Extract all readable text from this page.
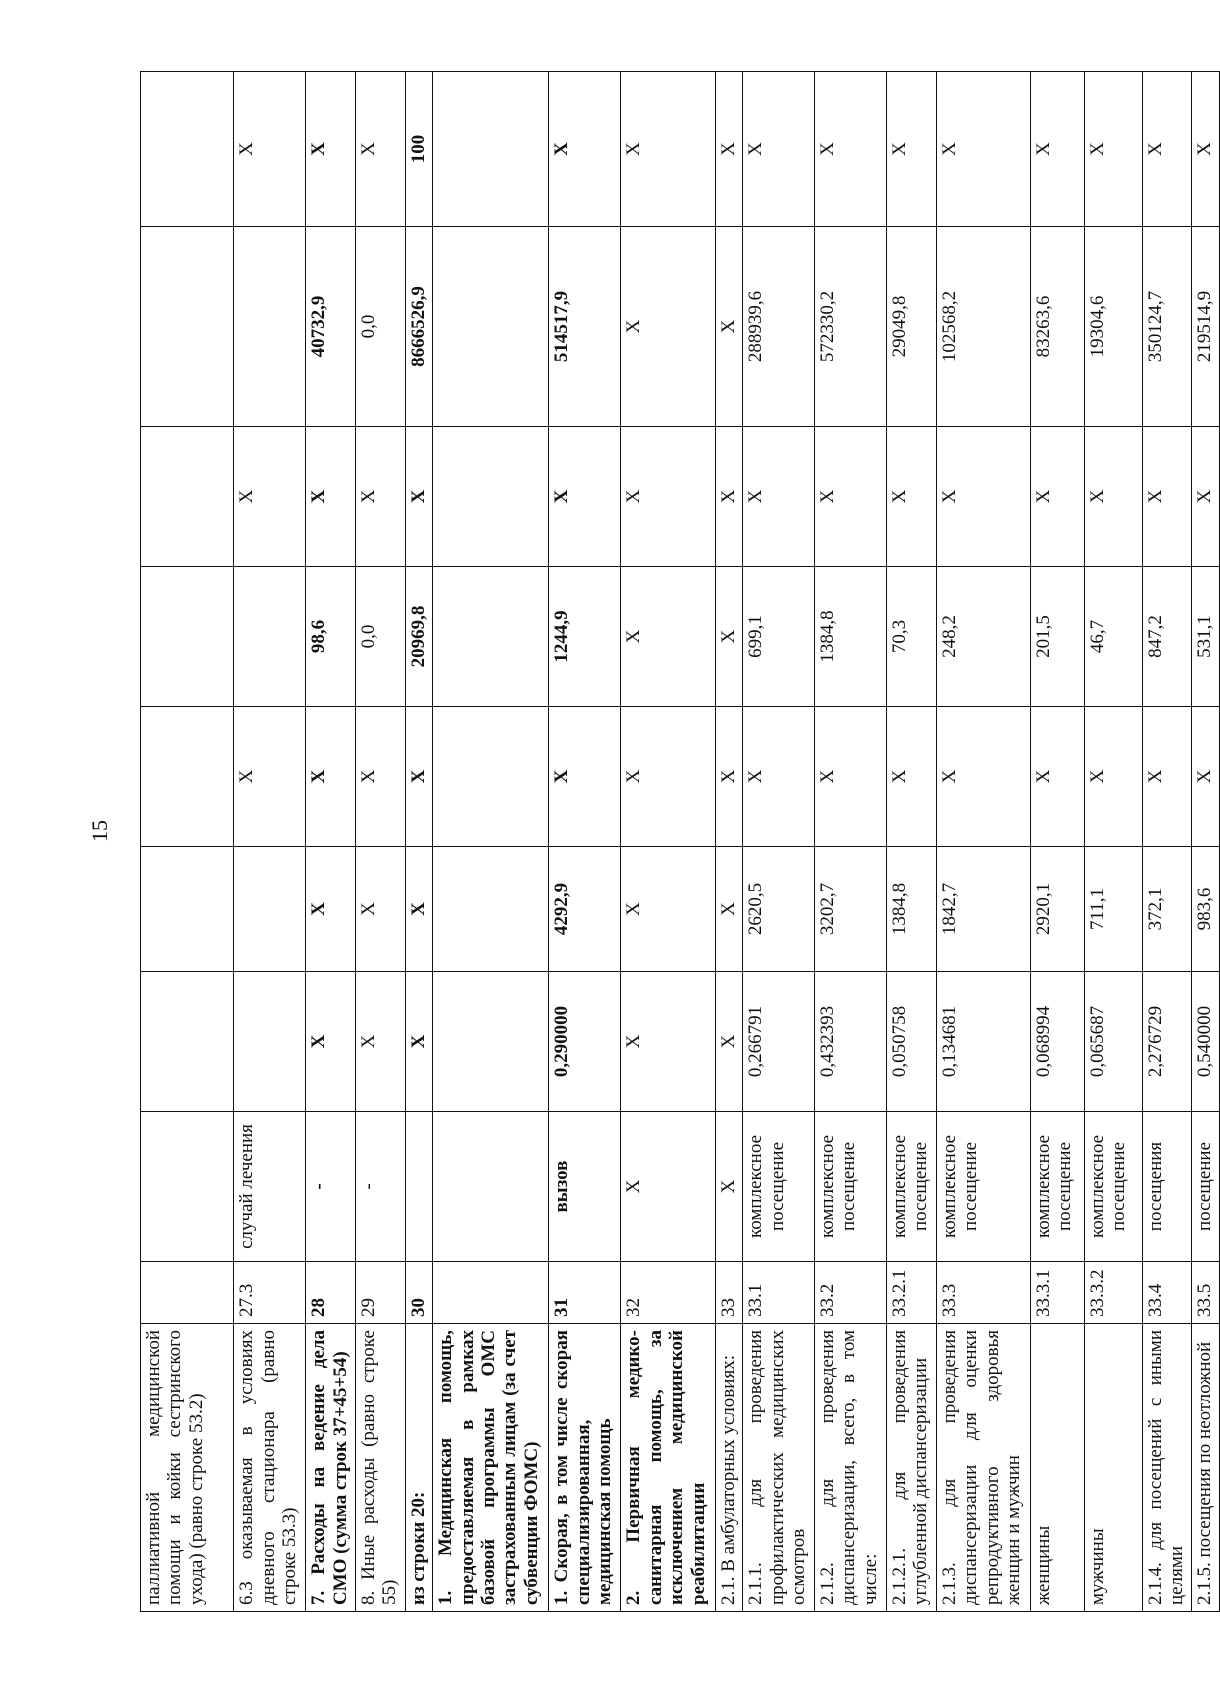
15
паллиативной медицинской помощи и койки сестринского ухода) (равно строке 53.2)									
6.3 оказываемая в условиях дневного стационара (равно строке 53.3)	27.3	случай лечения			X		X		X
7. Расходы на ведение дела СМО (сумма строк 37+45+54)	28	-	X	X	X	98,6	X	40732,9	X
8. Иные расходы (равно строке 55)	29	-	X	X	X	0,0	X	0,0	X
из строки 20:	30		X	X	X	20969,8	X	8666526,9	100
1. Медицинская помощь, предоставляемая в рамках базовой программы ОМС застрахованным лицам (за счет субвенции ФОМС)									
1. Скорая, в том числе скорая специализированная, медицинская помощь	31	вызов	0,290000	4292,9	X	1244,9	X	514517,9	X
2. Первичная медико-санитарная помощь, за исключением медицинской реабилитации	32	X	X	X	X	X	X	X	X
2.1. В амбулаторных условиях:	33	X	X	X	X	X	X	X	X
2.1.1. для проведения профилактических медицинских осмотров	33.1	комплексное посещение	0,266791	2620,5	X	699,1	X	288939,6	X
2.1.2. для проведения диспансеризации, всего, в том числе:	33.2	комплексное посещение	0,432393	3202,7	X	1384,8	X	572330,2	X
2.1.2.1. для проведения углубленной диспансеризации	33.2.1	комплексное посещение	0,050758	1384,8	X	70,3	X	29049,8	X
2.1.3. для проведения диспансеризации для оценки репродуктивного здоровья женщин и мужчин	33.3	комплексное посещение	0,134681	1842,7	X	248,2	X	102568,2	X
женщины	33.3.1	комплексное посещение	0,068994	2920,1	X	201,5	X	83263,6	X
мужчины	33.3.2	комплексное посещение	0,065687	711,1	X	46,7	X	19304,6	X
2.1.4. для посещений с иными целями	33.4	посещения	2,276729	372,1	X	847,2	X	350124,7	X
2.1.5. посещения по неотложной	33.5	посещение	0,540000	983,6	X	531,1	X	219514,9	X
